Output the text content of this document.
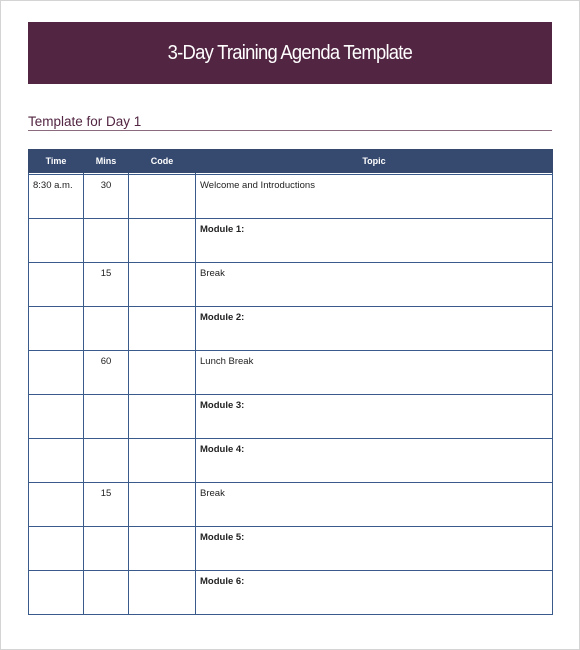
3-Day Training Agenda Template
Template for Day 1
Time	Mins	Code	Topic

8:30 a.m.	30		Welcome and Introductions
			Module 1:
	15		Break
			Module 2:
	60		Lunch Break
			Module 3:
			Module 4:
	15		Break
			Module 5:
			Module 6:
